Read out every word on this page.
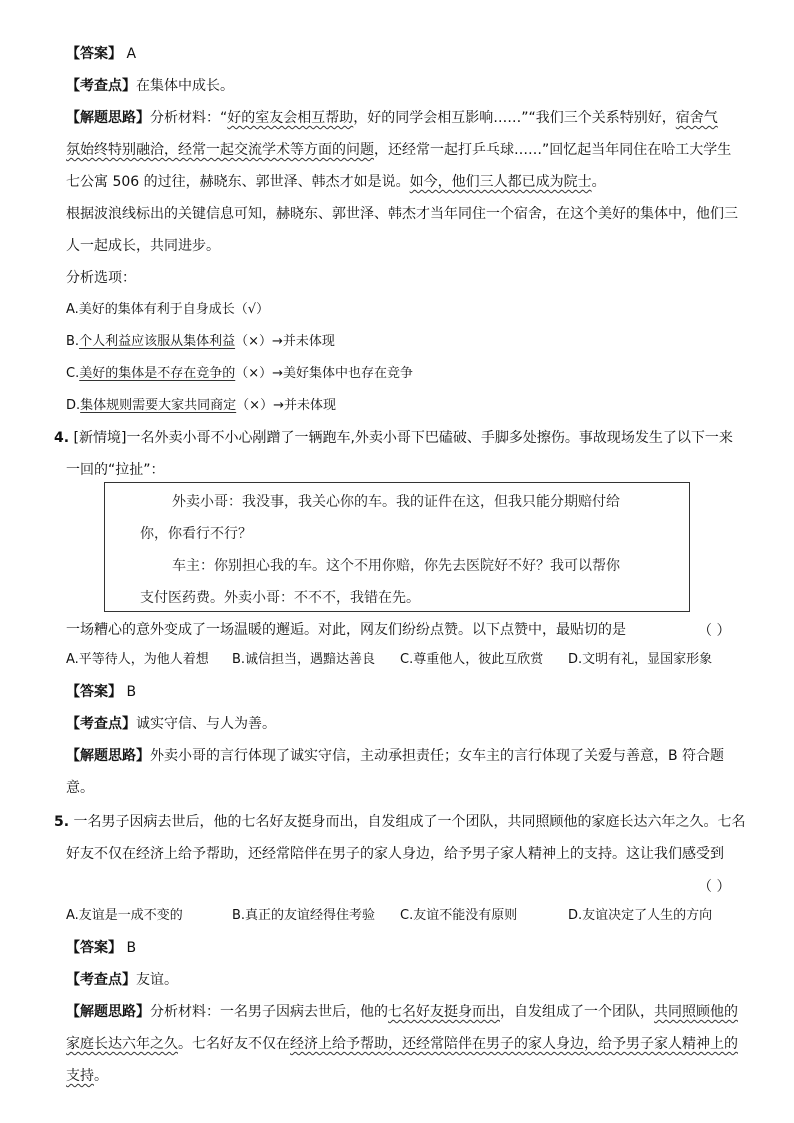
【答案】 A
【考查点】在集体中成长。
【解题思路】分析材料：“好的室友会相互帮助，好的同学会相互影响……”“我们三个关系特别好，宿舍气
氛始终特别融洽，经常一起交流学术等方面的问题，还经常一起打乒乓球……”回忆起当年同住在哈工大学生
七公寓 506 的过往，赫晓东、郭世泽、韩杰才如是说。如今，他们三人都已成为院士。
根据波浪线标出的关键信息可知，赫晓东、郭世泽、韩杰才当年同住一个宿舍，在这个美好的集体中，他们三
人一起成长，共同进步。
分析选项：
A.美好的集体有利于自身成长（√）
B.个人利益应该服从集体利益（×）→并未体现
C.美好的集体是不存在竞争的（×）→美好集体中也存在竞争
D.集体规则需要大家共同商定（×）→并未体现
4. [新情境]一名外卖小哥不小心剐蹭了一辆跑车,外卖小哥下巴磕破、手脚多处擦伤。事故现场发生了以下一来
一回的“拉扯”：
外卖小哥：我没事，我关心你的车。我的证件在这，但我只能分期赔付给
你，你看行不行？
车主：你别担心我的车。这个不用你赔，你先去医院好不好？我可以帮你
支付医药费。外卖小哥：不不不，我错在先。
一场糟心的意外变成了一场温暖的邂逅。对此，网友们纷纷点赞。以下点赞中，最贴切的是	（ ）
A.平等待人，为他人着想 B.诚信担当，遇黯达善良 C.尊重他人，彼此互欣赏 D.文明有礼，显国家形象
【答案】 B
【考查点】诚实守信、与人为善。
【解题思路】外卖小哥的言行体现了诚实守信，主动承担责任；女车主的言行体现了关爱与善意，B 符合题
意。
5. 一名男子因病去世后，他的七名好友挺身而出，自发组成了一个团队，共同照顾他的家庭长达六年之久。七名
好友不仅在经济上给予帮助，还经常陪伴在男子的家人身边，给予男子家人精神上的支持。这让我们感受到
（ ）
A.友谊是一成不变的	B.真正的友谊经得住考验 C.友谊不能没有原则	D.友谊决定了人生的方向
【答案】 B
【考查点】友谊。
【解题思路】分析材料：一名男子因病去世后，他的七名好友挺身而出，自发组成了一个团队，共同照顾他的
家庭长达六年之久。七名好友不仅在经济上给予帮助，还经常陪伴在男子的家人身边，给予男子家人精神上的
支持。
